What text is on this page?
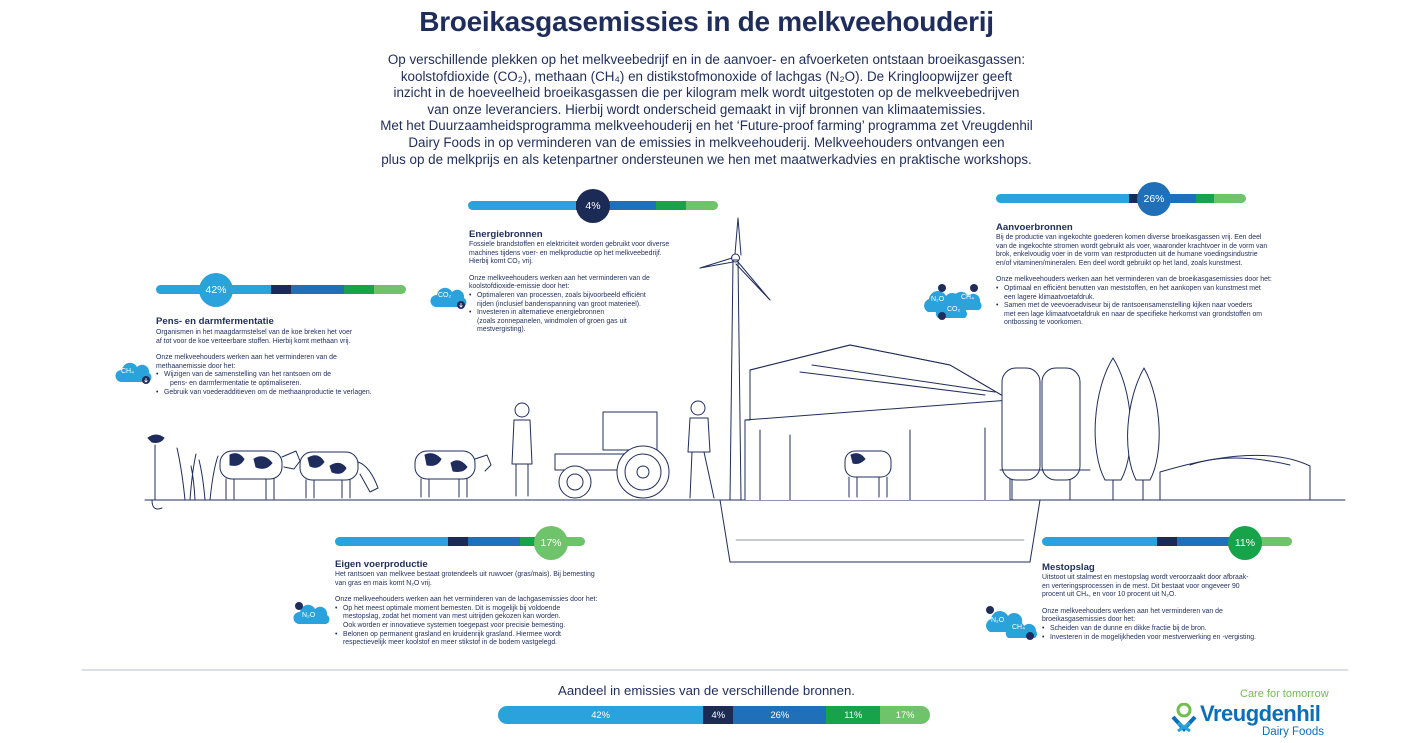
Broeikasgasemissies in de melkveehouderij

Op verschillende plekken op het melkveebedrijf en in de aanvoer- en afvoerketen ontstaan broeikasgassen:

koolstofdioxide (CO₂), methaan (CH₄) en distikstofmonoxide of lachgas (N₂O). De Kringloopwijzer geeft

inzicht in de hoeveelheid broeikasgassen die per kilogram melk wordt uitgestoten op de melkveebedrijven

van onze leveranciers. Hierbij wordt onderscheid gemaakt in vijf bronnen van klimaatemissies.

Met het Duurzaamheidsprogramma melkveehouderij en het ‘Future-proof farming’ programma zet Vreugdenhil

Dairy Foods in op verminderen van de emissies in melkveehouderij. Melkveehouders ontvangen een

plus op de melkprijs en als ketenpartner ondersteunen we hen met maatwerkadvies en praktische workshops.

42%
Pens- en darmfermentatie

Organismen in het maagdarmstelsel van de koe breken het voer
af tot voor de koe verteerbare stoffen. Hierbij komt methaan vrij.

Onze melkveehouders werken aan het verminderen van de
methaanemissie door het:
• Wijzigen van de samenstelling van het rantsoen om de
pens- en darmfermentatie te optimaliseren.
• Gebruik van voederadditieven om de methaanproductie te verlagen.
CH₄
4%
Energiebronnen

Fossiele brandstoffen en elektriciteit worden gebruikt voor diverse
machines tijdens voer- en melkproductie op het melkveebedrijf.
Hierbij komt CO₂ vrij.

Onze melkveehouders werken aan het verminderen van de
koolstofdioxide-emissie door het:
• Optimaleren van processen, zoals bijvoorbeeld efficiënt
rijden (inclusief bandenspanning van groot materieel).
• Investeren in alternatieve energiebronnen
(zoals zonnepanelen, windmolen of groen gas uit
mestvergisting).
CO₂
26%
Aanvoerbronnen

Bij de productie van ingekochte goederen komen diverse broeikasgassen vrij. Een deel
van de ingekochte stromen wordt gebruikt als voer, waaronder krachtvoer in de vorm van
brok, enkelvoudig voer in de vorm van restproducten uit de humane voedingsindustrie
en/of vitaminen/mineralen. Een deel wordt gebruikt op het land, zoals kunstmest.

Onze melkveehouders werken aan het verminderen van de broeikasgasemissies door het:
• Optimaal en efficiënt benutten van meststoffen, en het aankopen van kunstmest met
een lagere klimaatvoetafdruk.
• Samen met de veevoeradviseur bij de rantsoensamenstelling kijken naar voeders
met een lage klimaatvoetafdruk en naar de specifieke herkomst van grondstoffen om
ontbossing te voorkomen.
N₂O CH₄
CO₂
17%
Eigen voerproductie

Het rantsoen van melkvee bestaat grotendeels uit ruwvoer (gras/mais). Bij bemesting
van gras en mais komt N₂O vrij.

Onze melkveehouders werken aan het verminderen van de lachgasemissies door het:
• Op het meest optimale moment bemesten. Dit is mogelijk bij voldoende
mestopslag, zodat het moment van mest uitrijden gekozen kan worden.
Ook worden er innovatieve systemen toegepast voor precisie bemesting.
• Belonen op permanent grasland en kruidenrijk grasland. Hiermee wordt
respectievelijk meer koolstof en meer stikstof in de bodem vastgelegd.
N₂O
11%
Mestopslag

Uitstoot uit stalmest en mestopslag wordt veroorzaakt door afbraak-
en verteringsprocessen in de mest. Dit bestaat voor ongeveer 90
procent uit CH₄, en voor 10 procent uit N₂O.

Onze melkveehouders werken aan het verminderen van de
broeikasgasemissies door het:
• Scheiden van de dunne en dikke fractie bij de bron.
• Investeren in de mogelijkheden voor mestverwerking en -vergisting.
N₂O
CH₄
Aandeel in emissies van de verschillende bronnen.
42%	4%	26%	11%	17%
Care for tomorrow
Vreugdenhil
Dairy Foods
